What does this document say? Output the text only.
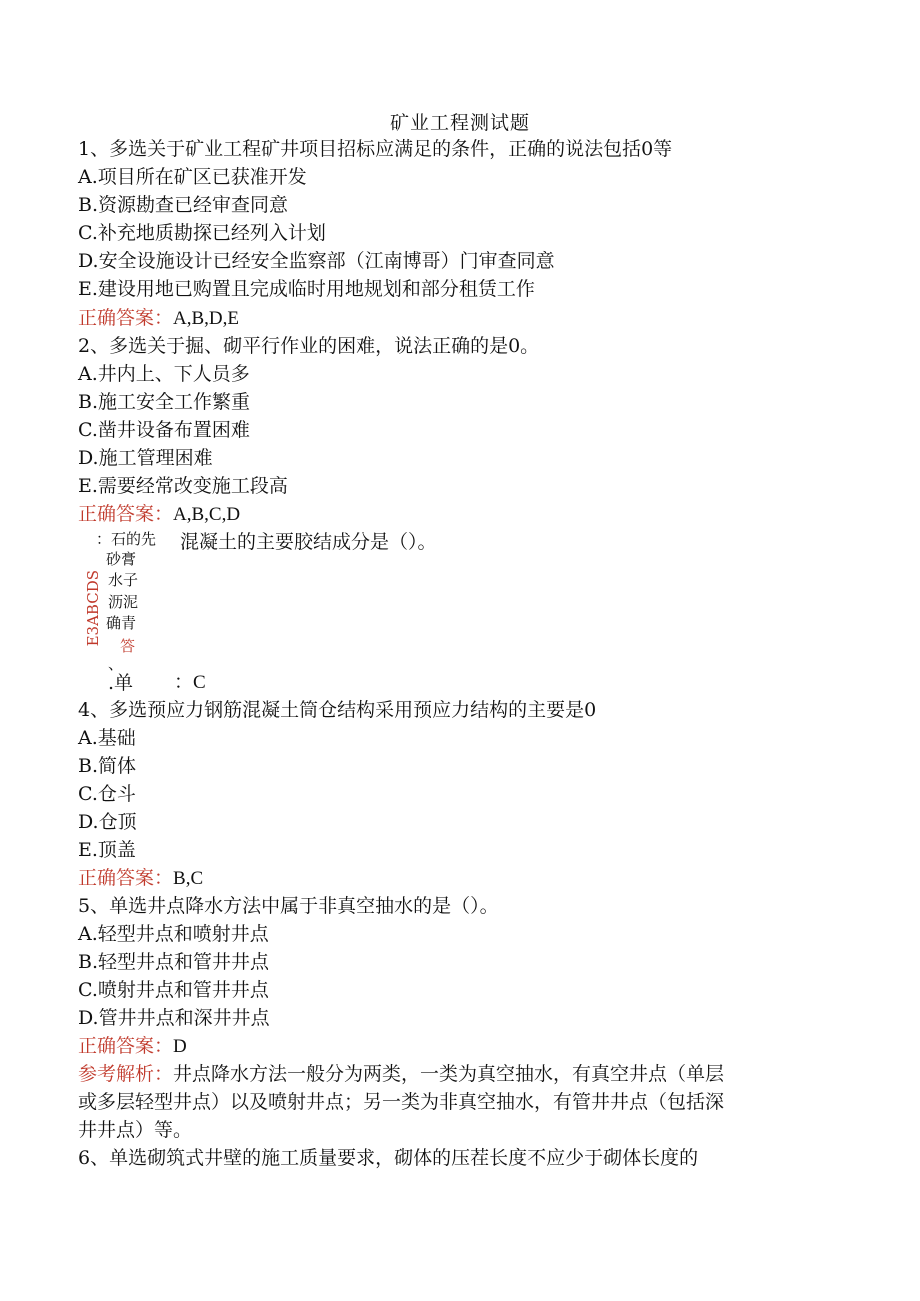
矿业工程测试题
1、多选关于矿业工程矿井项目招标应满足的条件，正确的说法包括0等
A.项目所在矿区已获准开发
B.资源勘查已经审查同意
C.补充地质勘探已经列入计划
D.安全设施设计已经安全监察部（江南博哥）门审查同意
E.建设用地已购置且完成临时用地规划和部分租赁工作
正确答案：A,B,D,E
2、多选关于掘、砌平行作业的困难，说法正确的是0。
A.井内上、下人员多
B.施工安全工作繁重
C.凿井设备布置困难
D.施工管理困难
E.需要经常改变施工段高
正确答案：A,B,C,D
：石的先 混凝土的主要胶结成分是（）。
E3ABCDS
砂膏
水子
沥泥
确青
答
、
.单 ：C
4、多选预应力钢筋混凝土筒仓结构采用预应力结构的主要是0
A.基础
B.简体
C.仓斗
D.仓顶
E.顶盖
正确答案：B,C
5、单选井点降水方法中属于非真空抽水的是（）。
A.轻型井点和喷射井点
B.轻型井点和管井井点
C.喷射井点和管井井点
D.管井井点和深井井点
正确答案：D
参考解析：井点降水方法一般分为两类，一类为真空抽水，有真空井点（单层
或多层轻型井点）以及喷射井点；另一类为非真空抽水，有管井井点（包括深
井井点）等。
6、单选砌筑式井壁的施工质量要求，砌体的压茬长度不应少于砌体长度的
